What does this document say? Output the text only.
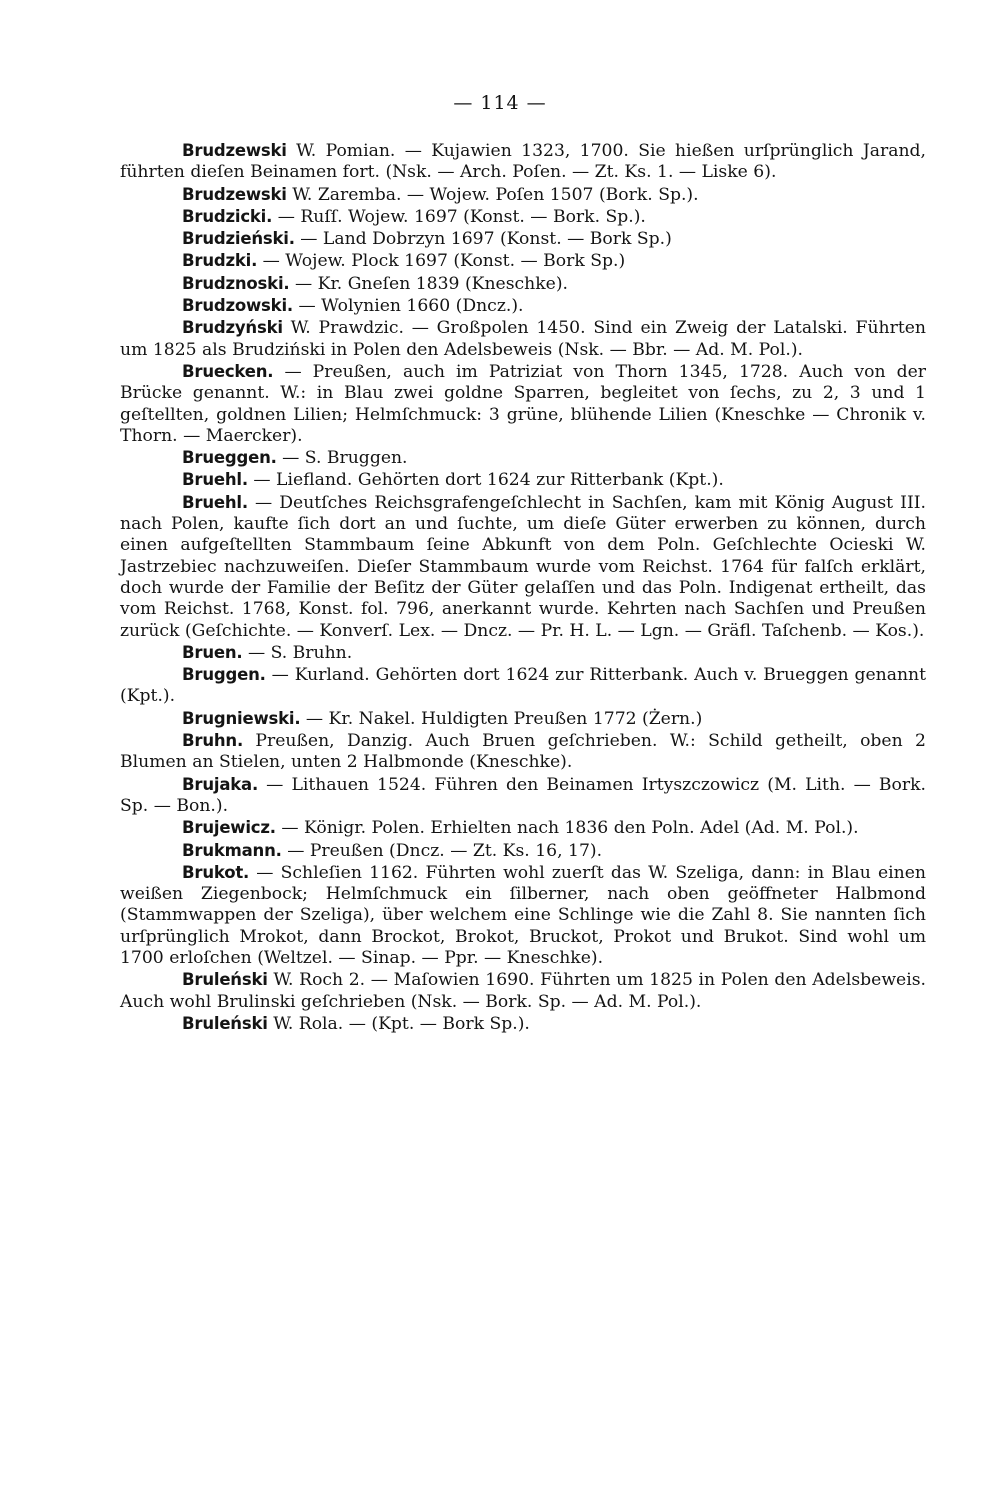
— 114 —

Brudzewski W. Pomian. — Kujawien 1323, 1700. Sie hießen urſprünglich Jarand, führten dieſen Beinamen fort. (Nsk. — Arch. Poſen. — Zt. Ks. 1. — Liske 6).

Brudzewski W. Zaremba. — Wojew. Poſen 1507 (Bork. Sp.).

Brudzicki. — Ruſſ. Wojew. 1697 (Konst. — Bork. Sp.).

Brudzieński. — Land Dobrzyn 1697 (Konst. — Bork Sp.)

Brudzki. — Wojew. Plock 1697 (Konst. — Bork Sp.)

Brudznoski. — Kr. Gneſen 1839 (Kneschke).

Brudzowski. — Wolynien 1660 (Dncz.).

Brudzyński W. Prawdzic. — Großpolen 1450. Sind ein Zweig der Latalski. Führten um 1825 als Brudziński in Polen den Adelsbeweis (Nsk. — Bbr. — Ad. M. Pol.).

Bruecken. — Preußen, auch im Patriziat von Thorn 1345, 1728. Auch von der Brücke genannt. W.: in Blau zwei goldne Sparren, begleitet von ſechs, zu 2, 3 und 1 geſtellten, goldnen Lilien; Helmſchmuck: 3 grüne, blühende Lilien (Kneschke — Chronik v. Thorn. — Maercker).

Brueggen. — S. Bruggen.

Bruehl. — Liefland. Gehörten dort 1624 zur Ritterbank (Kpt.).

Bruehl. — Deutſches Reichsgrafengeſchlecht in Sachſen, kam mit König August III. nach Polen, kaufte ſich dort an und ſuchte, um dieſe Güter erwerben zu können, durch einen aufgeſtellten Stammbaum ſeine Abkunft von dem Poln. Geſchlechte Ocieski W. Jastrzebiec nachzuweiſen. Dieſer Stammbaum wurde vom Reichst. 1764 für falſch erklärt, doch wurde der Familie der Beſitz der Güter gelaſſen und das Poln. Indigenat ertheilt, das vom Reichst. 1768, Konst. fol. 796, anerkannt wurde. Kehrten nach Sachſen und Preußen zurück (Geſchichte. — Konverſ. Lex. — Dncz. — Pr. H. L. — Lgn. — Gräfl. Taſchenb. — Kos.).

Bruen. — S. Bruhn.

Bruggen. — Kurland. Gehörten dort 1624 zur Ritterbank. Auch v. Brueggen genannt (Kpt.).

Brugniewski. — Kr. Nakel. Huldigten Preußen 1772 (Żern.)

Bruhn. Preußen, Danzig. Auch Bruen geſchrieben. W.: Schild getheilt, oben 2 Blumen an Stielen, unten 2 Halbmonde (Kneschke).

Brujaka. — Lithauen 1524. Führen den Beinamen Irtyszczowicz (M. Lith. — Bork. Sp. — Bon.).

Brujewicz. — Königr. Polen. Erhielten nach 1836 den Poln. Adel (Ad. M. Pol.).

Brukmann. — Preußen (Dncz. — Zt. Ks. 16, 17).

Brukot. — Schleſien 1162. Führten wohl zuerſt das W. Szeliga, dann: in Blau einen weißen Ziegenbock; Helmſchmuck ein ſilberner, nach oben geöffneter Halbmond (Stammwappen der Szeliga), über welchem eine Schlinge wie die Zahl 8. Sie nannten ſich urſprünglich Mrokot, dann Brockot, Brokot, Bruckot, Prokot und Brukot. Sind wohl um 1700 erloſchen (Weltzel. — Sinap. — Ppr. — Kneschke).

Bruleński W. Roch 2. — Maſowien 1690. Führten um 1825 in Polen den Adelsbeweis. Auch wohl Brulinski geſchrieben (Nsk. — Bork. Sp. — Ad. M. Pol.).

Bruleński W. Rola. — (Kpt. — Bork Sp.).
